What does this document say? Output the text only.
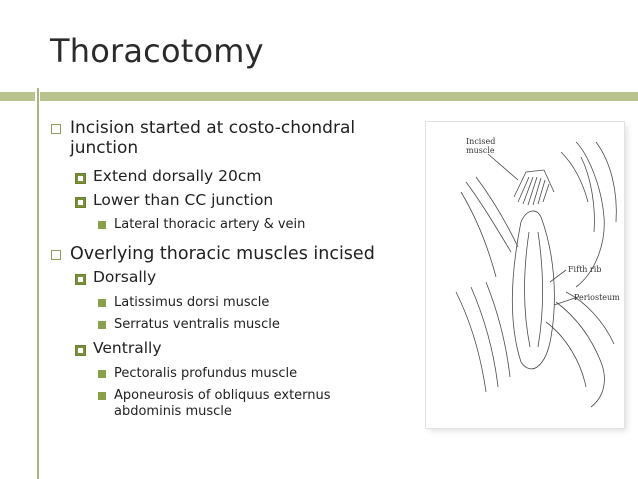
Thoracotomy
Incision started at costo-chondral
junction
Extend dorsally 20cm
Lower than CC junction
Lateral thoracic artery & vein
Overlying thoracic muscles incised
Dorsally
Latissimus dorsi muscle
Serratus ventralis muscle
Ventrally
Pectoralis profundus muscle
Aponeurosis of obliquus externus
abdominis muscle
Incised
muscle
Fifth rib
Periosteum
